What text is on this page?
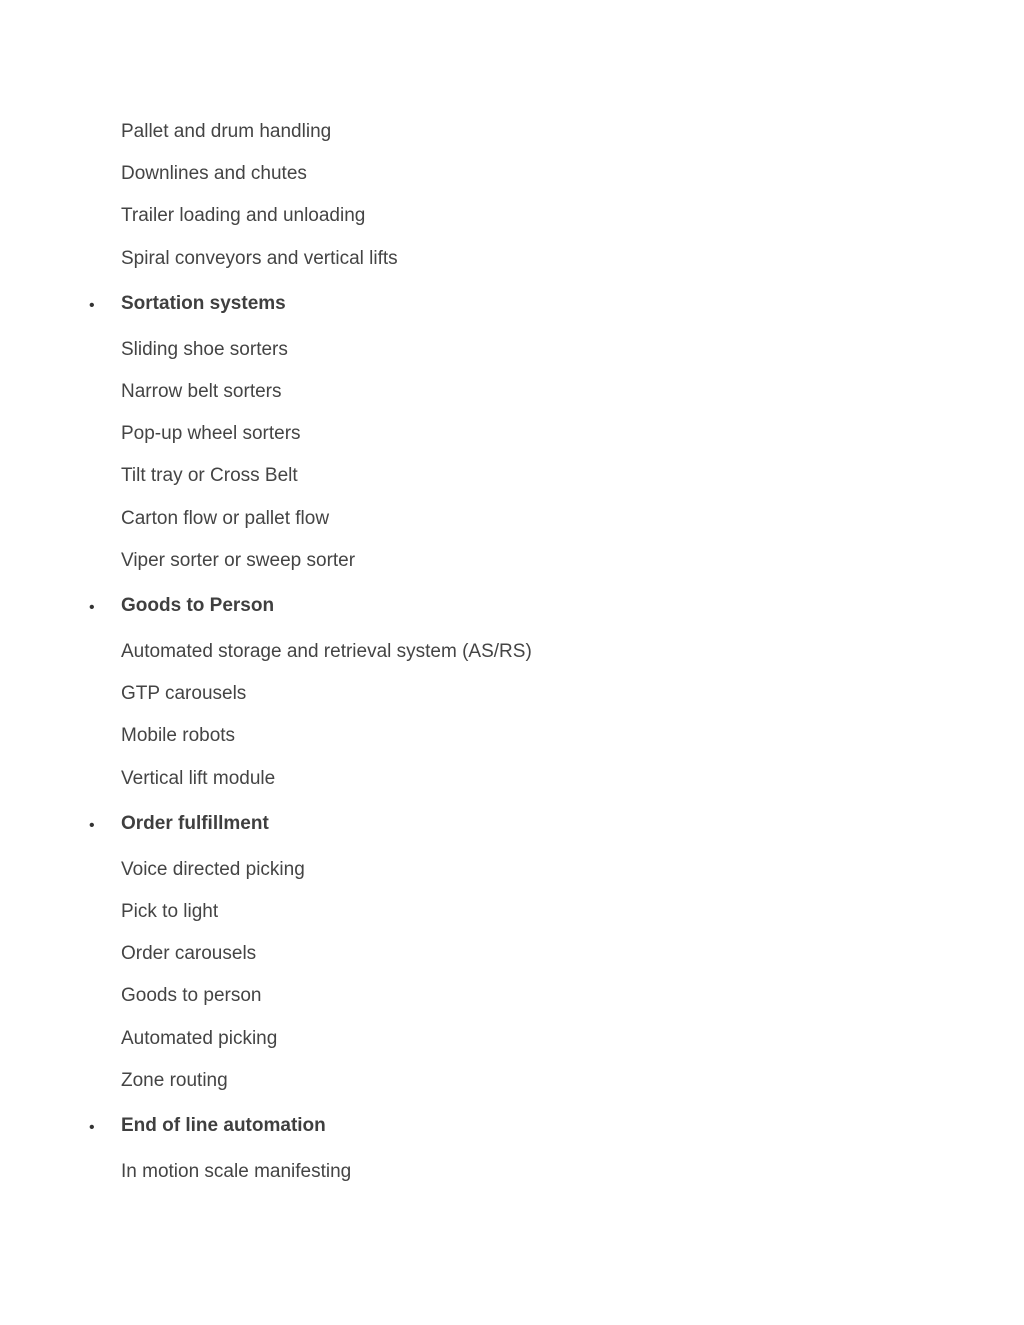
Pallet and drum handling
Downlines and chutes
Trailer loading and unloading
Spiral conveyors and vertical lifts
• Sortation systems
Sliding shoe sorters
Narrow belt sorters
Pop-up wheel sorters
Tilt tray or Cross Belt
Carton flow or pallet flow
Viper sorter or sweep sorter
• Goods to Person
Automated storage and retrieval system (AS/RS)
GTP carousels
Mobile robots
Vertical lift module
• Order fulfillment
Voice directed picking
Pick to light
Order carousels
Goods to person
Automated picking
Zone routing
• End of line automation
In motion scale manifesting
